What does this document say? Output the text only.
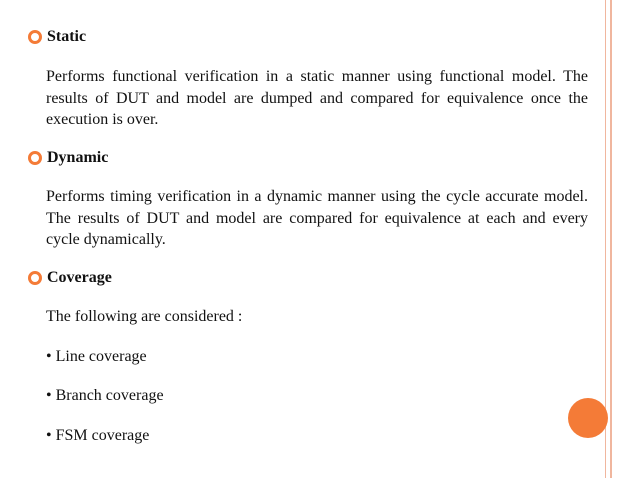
Static
Performs functional verification in a static manner using functional model. The results of DUT and model are dumped and compared for equivalence once the execution is over.
Dynamic
Performs timing verification in a dynamic manner using the cycle accurate model. The results of DUT and model are compared for equivalence at each and every cycle dynamically.
Coverage
The following are considered :
• Line coverage
• Branch coverage
• FSM coverage
